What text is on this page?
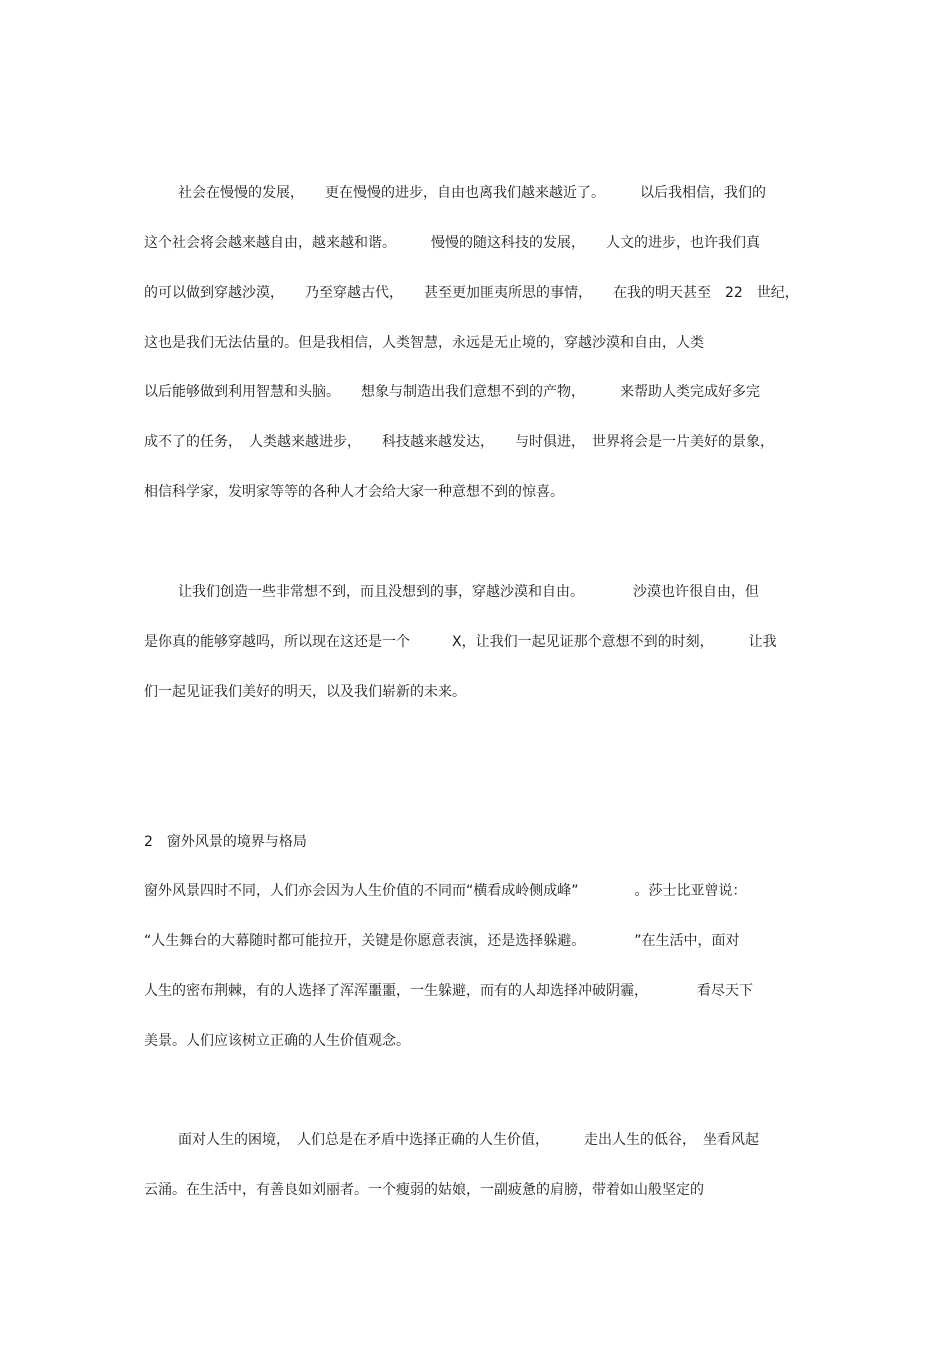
社会在慢慢的发展，　　更在慢慢的进步，自由也离我们越来越近了。　　　以后我相信，我们的
这个社会将会越来越自由，越来越和谐。　　　慢慢的随这科技的发展，　　人文的进步，也许我们真
的可以做到穿越沙漠，　　乃至穿越古代，　　甚至更加匪夷所思的事情，　　在我的明天甚至　22　世纪，
这也是我们无法估量的。但是我相信，人类智慧，永远是无止境的，穿越沙漠和自由，人类
以后能够做到利用智慧和头脑。　　想象与制造出我们意想不到的产物，　　　来帮助人类完成好多完
成不了的任务，　人类越来越进步，　　科技越来越发达，　　与时俱进，　世界将会是一片美好的景象，
相信科学家，发明家等等的各种人才会给大家一种意想不到的惊喜。
让我们创造一些非常想不到，而且没想到的事，穿越沙漠和自由。　　　　沙漠也许很自由，但
是你真的能够穿越吗，所以现在这还是一个　　　X，让我们一起见证那个意想不到的时刻，　　　让我
们一起见证我们美好的明天，以及我们崭新的未来。
2　窗外风景的境界与格局
窗外风景四时不同，人们亦会因为人生价值的不同而“横看成岭侧成峰”　　　　。莎士比亚曾说：
“人生舞台的大幕随时都可能拉开，关键是你愿意表演，还是选择躲避。　　　　”在生活中，面对
人生的密布荆棘，有的人选择了浑浑噩噩，一生躲避，而有的人却选择冲破阴霾，　　　　看尽天下
美景。人们应该树立正确的人生价值观念。
面对人生的困境，　人们总是在矛盾中选择正确的人生价值，　　　走出人生的低谷，　坐看风起
云涌。在生活中，有善良如刘丽者。一个瘦弱的姑娘，一副疲惫的肩膀，带着如山般坚定的
